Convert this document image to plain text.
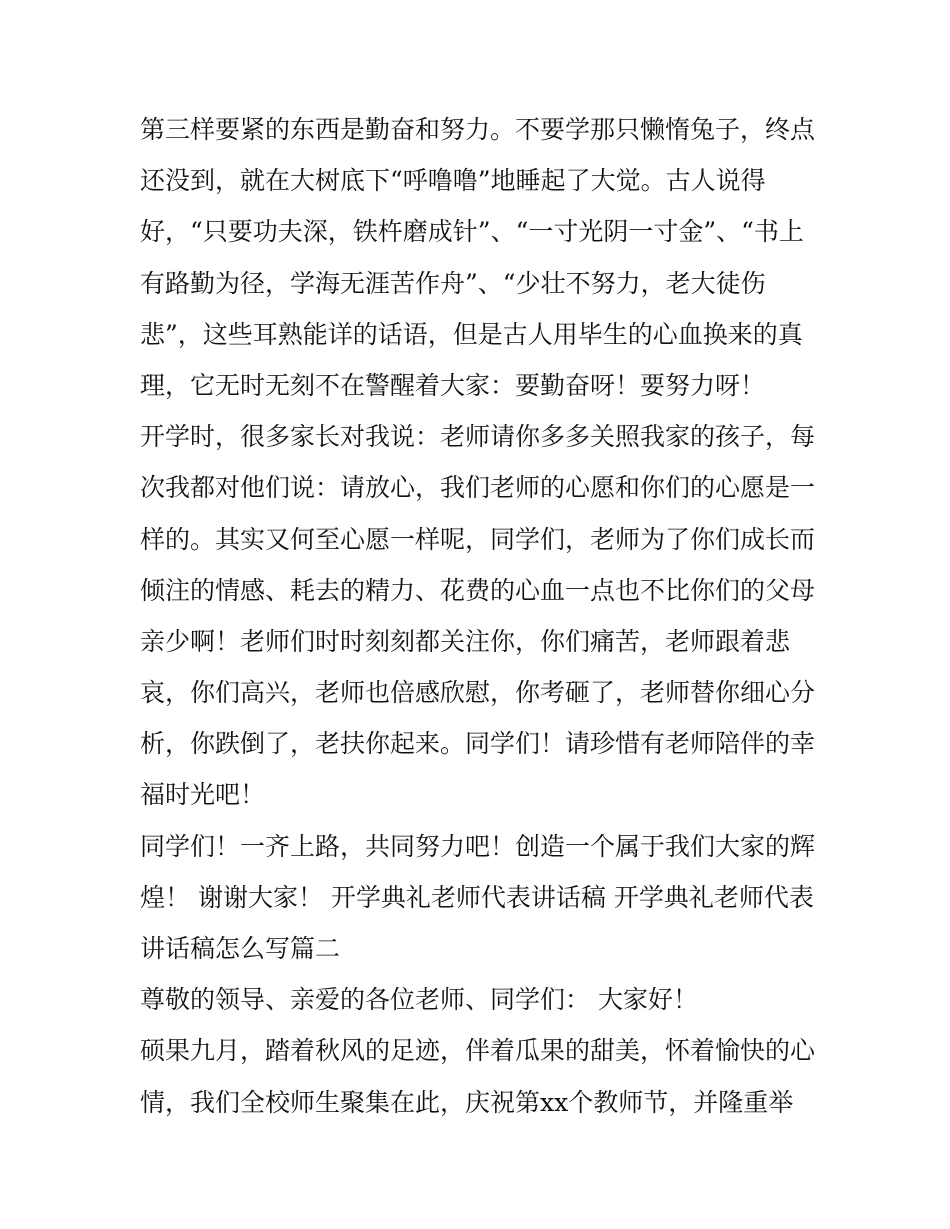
第三样要紧的东西是勤奋和努力。不要学那只懒惰兔子，终点
还没到，就在大树底下“呼噜噜”地睡起了大觉。古人说得
好，“只要功夫深，铁杵磨成针”、“一寸光阴一寸金”、“书上
有路勤为径，学海无涯苦作舟”、“少壮不努力，老大徒伤
悲”，这些耳熟能详的话语，但是古人用毕生的心血换来的真
理，它无时无刻不在警醒着大家：要勤奋呀！要努力呀！
开学时，很多家长对我说：老师请你多多关照我家的孩子，每
次我都对他们说：请放心，我们老师的心愿和你们的心愿是一
样的。其实又何至心愿一样呢，同学们，老师为了你们成长而
倾注的情感、耗去的精力、花费的心血一点也不比你们的父母
亲少啊！老师们时时刻刻都关注你，你们痛苦，老师跟着悲
哀，你们高兴，老师也倍感欣慰，你考砸了，老师替你细心分
析，你跌倒了，老扶你起来。同学们！请珍惜有老师陪伴的幸
福时光吧！
同学们！一齐上路，共同努力吧！创造一个属于我们大家的辉
煌！ 谢谢大家！ 开学典礼老师代表讲话稿 开学典礼老师代表
讲话稿怎么写篇二
尊敬的领导、亲爱的各位老师、同学们： 大家好！
硕果九月，踏着秋风的足迹，伴着瓜果的甜美，怀着愉快的心
情，我们全校师生聚集在此，庆祝第xx个教师节，并隆重举
